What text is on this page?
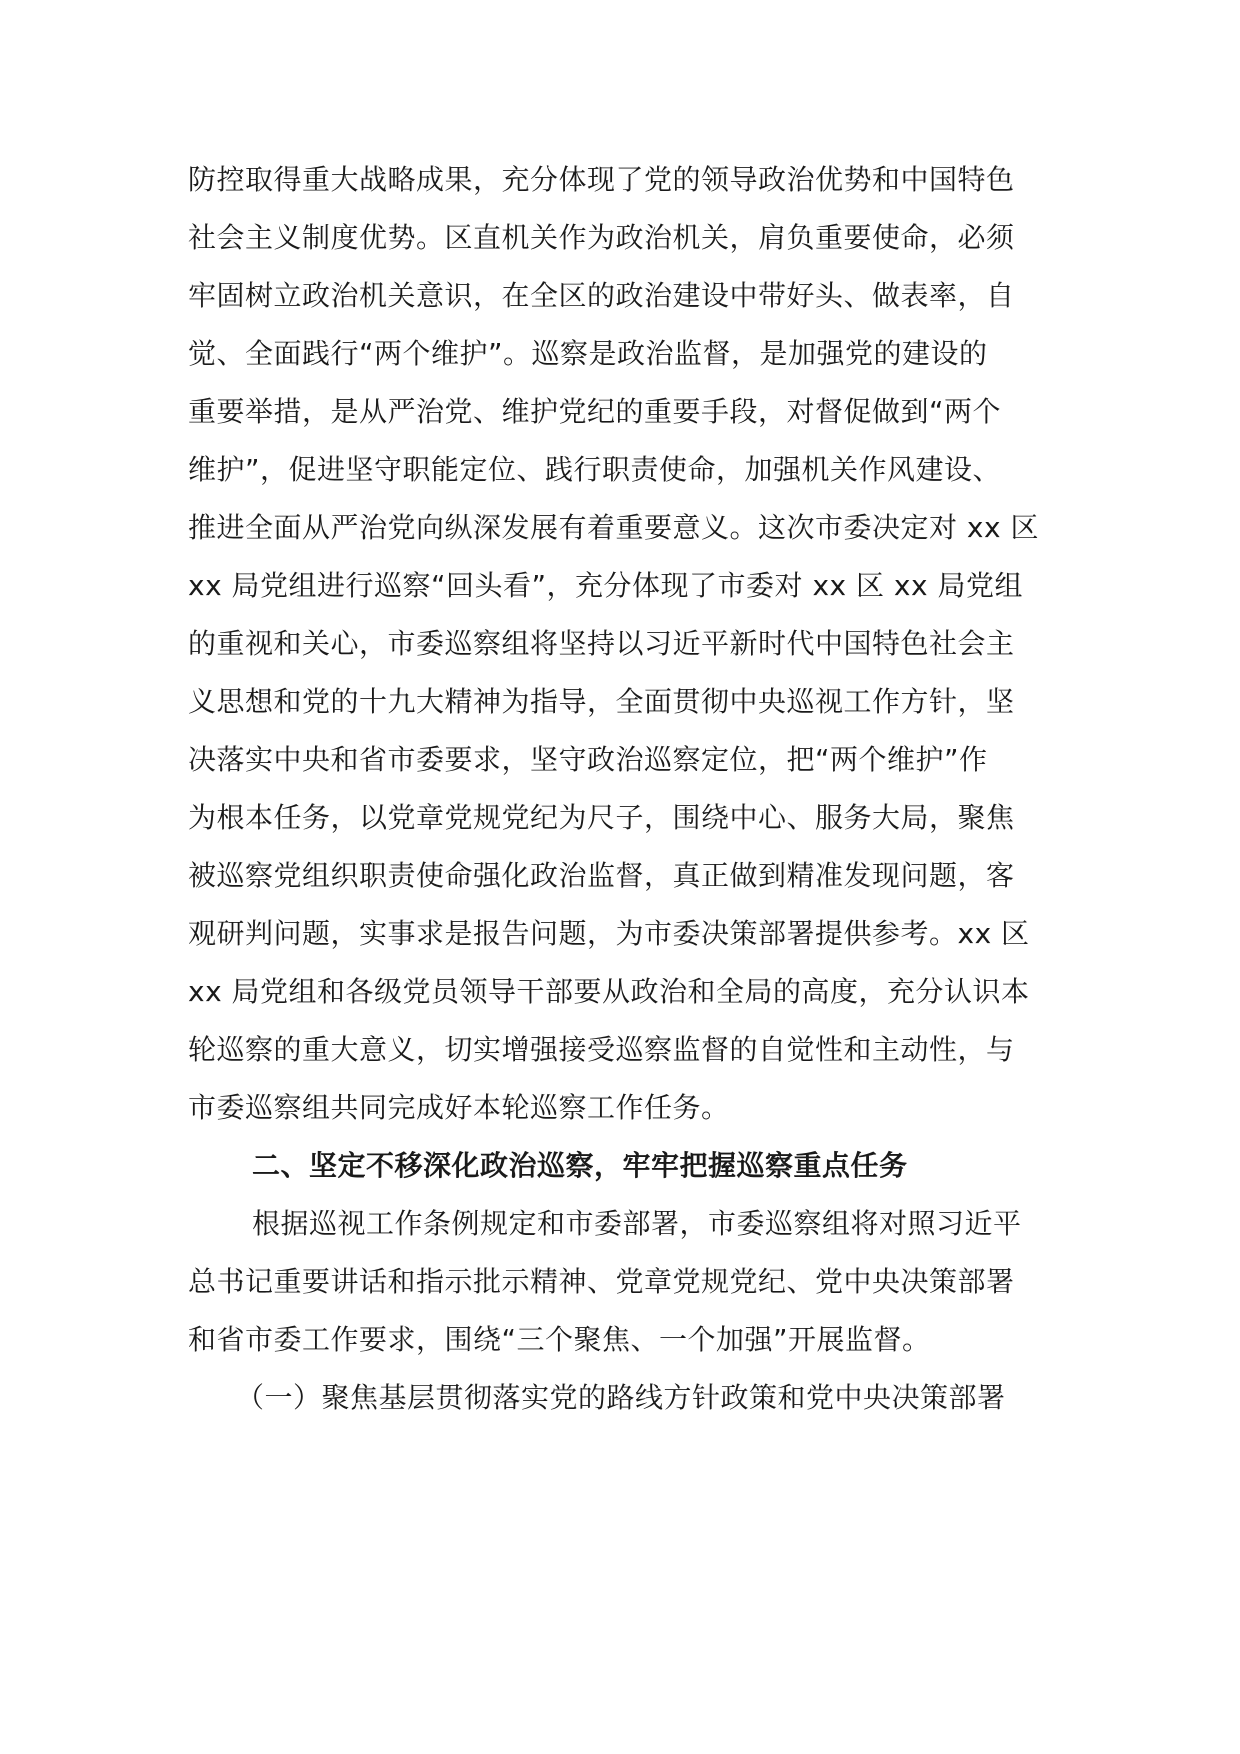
防控取得重大战略成果，充分体现了党的领导政治优势和中国特色
社会主义制度优势。区直机关作为政治机关，肩负重要使命，必须
牢固树立政治机关意识，在全区的政治建设中带好头、做表率，自
觉、全面践行“两个维护”。巡察是政治监督，是加强党的建设的
重要举措，是从严治党、维护党纪的重要手段，对督促做到“两个
维护”，促进坚守职能定位、践行职责使命，加强机关作风建设、
推进全面从严治党向纵深发展有着重要意义。这次市委决定对 xx 区
xx 局党组进行巡察“回头看”，充分体现了市委对 xx 区 xx 局党组
的重视和关心，市委巡察组将坚持以习近平新时代中国特色社会主
义思想和党的十九大精神为指导，全面贯彻中央巡视工作方针，坚
决落实中央和省市委要求，坚守政治巡察定位，把“两个维护”作
为根本任务，以党章党规党纪为尺子，围绕中心、服务大局，聚焦
被巡察党组织职责使命强化政治监督，真正做到精准发现问题，客
观研判问题，实事求是报告问题，为市委决策部署提供参考。xx 区
xx 局党组和各级党员领导干部要从政治和全局的高度，充分认识本
轮巡察的重大意义，切实增强接受巡察监督的自觉性和主动性，与
市委巡察组共同完成好本轮巡察工作任务。
二、坚定不移深化政治巡察，牢牢把握巡察重点任务
根据巡视工作条例规定和市委部署，市委巡察组将对照习近平
总书记重要讲话和指示批示精神、党章党规党纪、党中央决策部署
和省市委工作要求，围绕“三个聚焦、一个加强”开展监督。
（一）聚焦基层贯彻落实党的路线方针政策和党中央决策部署
